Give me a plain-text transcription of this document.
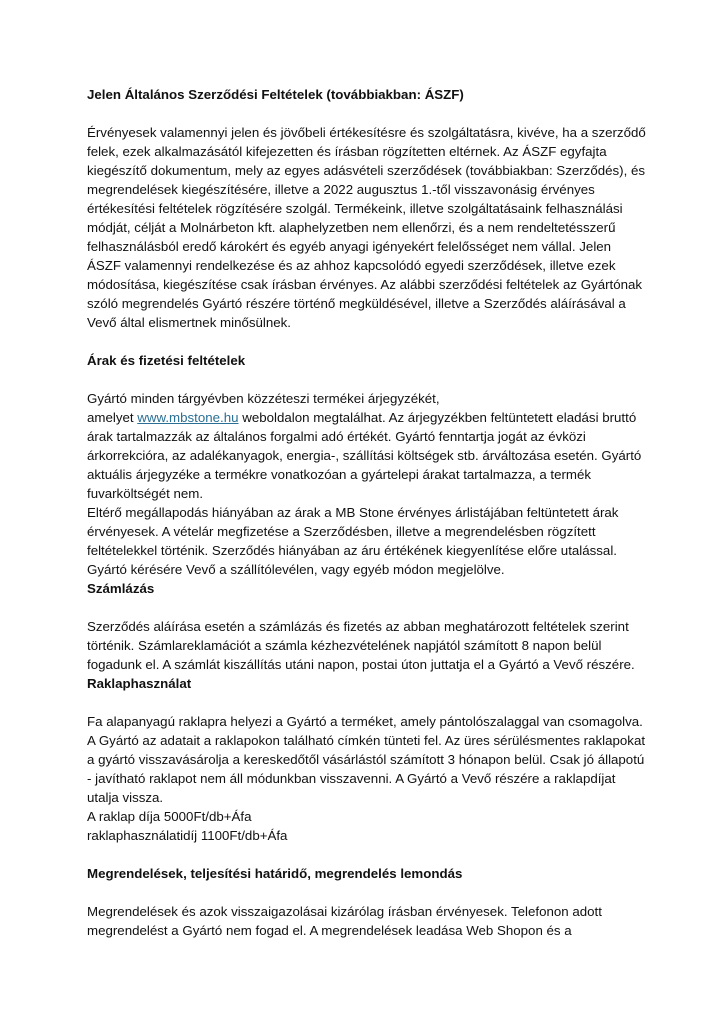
Jelen Általános Szerződési Feltételek (továbbiakban: ÁSZF)

Érvényesek valamennyi jelen és jövőbeli értékesítésre és szolgáltatásra, kivéve, ha a szerződő felek, ezek alkalmazásától kifejezetten és írásban rögzítetten eltérnek. Az ÁSZF egyfajta kiegészítő dokumentum, mely az egyes adásvételi szerződések (továbbiakban: Szerződés), és megrendelések kiegészítésére, illetve a 2022 augusztus 1.-től visszavonásig érvényes értékesítési feltételek rögzítésére szolgál. Termékeink, illetve szolgáltatásaink felhasználási módját, célját a Molnárbeton kft. alaphelyzetben nem ellenőrzi, és a nem rendeltetésszerű felhasználásból eredő károkért és egyéb anyagi igényekért felelősséget nem vállal. Jelen ÁSZF valamennyi rendelkezése és az ahhoz kapcsolódó egyedi szerződések, illetve ezek módosítása, kiegészítése csak írásban érvényes. Az alábbi szerződési feltételek az Gyártónak szóló megrendelés Gyártó részére történő megküldésével, illetve a Szerződés aláírásával a Vevő által elismertnek minősülnek.

Árak és fizetési feltételek

Gyártó minden tárgyévben közzéteszi termékei árjegyzékét,
amelyet www.mbstone.hu weboldalon megtalálhat. Az árjegyzékben feltüntetett eladási bruttó árak tartalmazzák az általános forgalmi adó értékét. Gyártó fenntartja jogát az évközi árkorrekcióra, az adalékanyagok, energia-, szállítási költségek stb. árváltozása esetén. Gyártó aktuális árjegyzéke a termékre vonatkozóan a gyártelepi árakat tartalmazza, a termék fuvarköltségét nem.

Eltérő megállapodás hiányában az árak a MB Stone érvényes árlistájában feltüntetett árak érvényesek. A vételár megfizetése a Szerződésben, illetve a megrendelésben rögzített feltételekkel történik. Szerződés hiányában az áru értékének kiegyenlítése előre utalással. Gyártó kérésére Vevő a szállítólevélen, vagy egyéb módon megjelölve.

Számlázás

Szerződés aláírása esetén a számlázás és fizetés az abban meghatározott feltételek szerint történik. Számlareklamációt a számla kézhezvételének napjától számított 8 napon belül fogadunk el. A számlát kiszállítás utáni napon, postai úton juttatja el a Gyártó a Vevő részére.

Raklaphasználat

Fa alapanyagú raklapra helyezi a Gyártó a terméket, amely pántolószalaggal van csomagolva. A Gyártó az adatait a raklapokon található címkén tünteti fel. Az üres sérülésmentes raklapokat a gyártó visszavásárolja a kereskedőtől vásárlástól számított 3 hónapon belül. Csak jó állapotú - javítható raklapot nem áll módunkban visszavenni. A Gyártó a Vevő részére a raklapdíjat utalja vissza.

A raklap díja 5000Ft/db+Áfa

raklaphasználatidíj 1100Ft/db+Áfa

Megrendelések, teljesítési határidő, megrendelés lemondás

Megrendelések és azok visszaigazolásai kizárólag írásban érvényesek. Telefonon adott megrendelést a Gyártó nem fogad el. A megrendelések leadása Web Shopon és a
